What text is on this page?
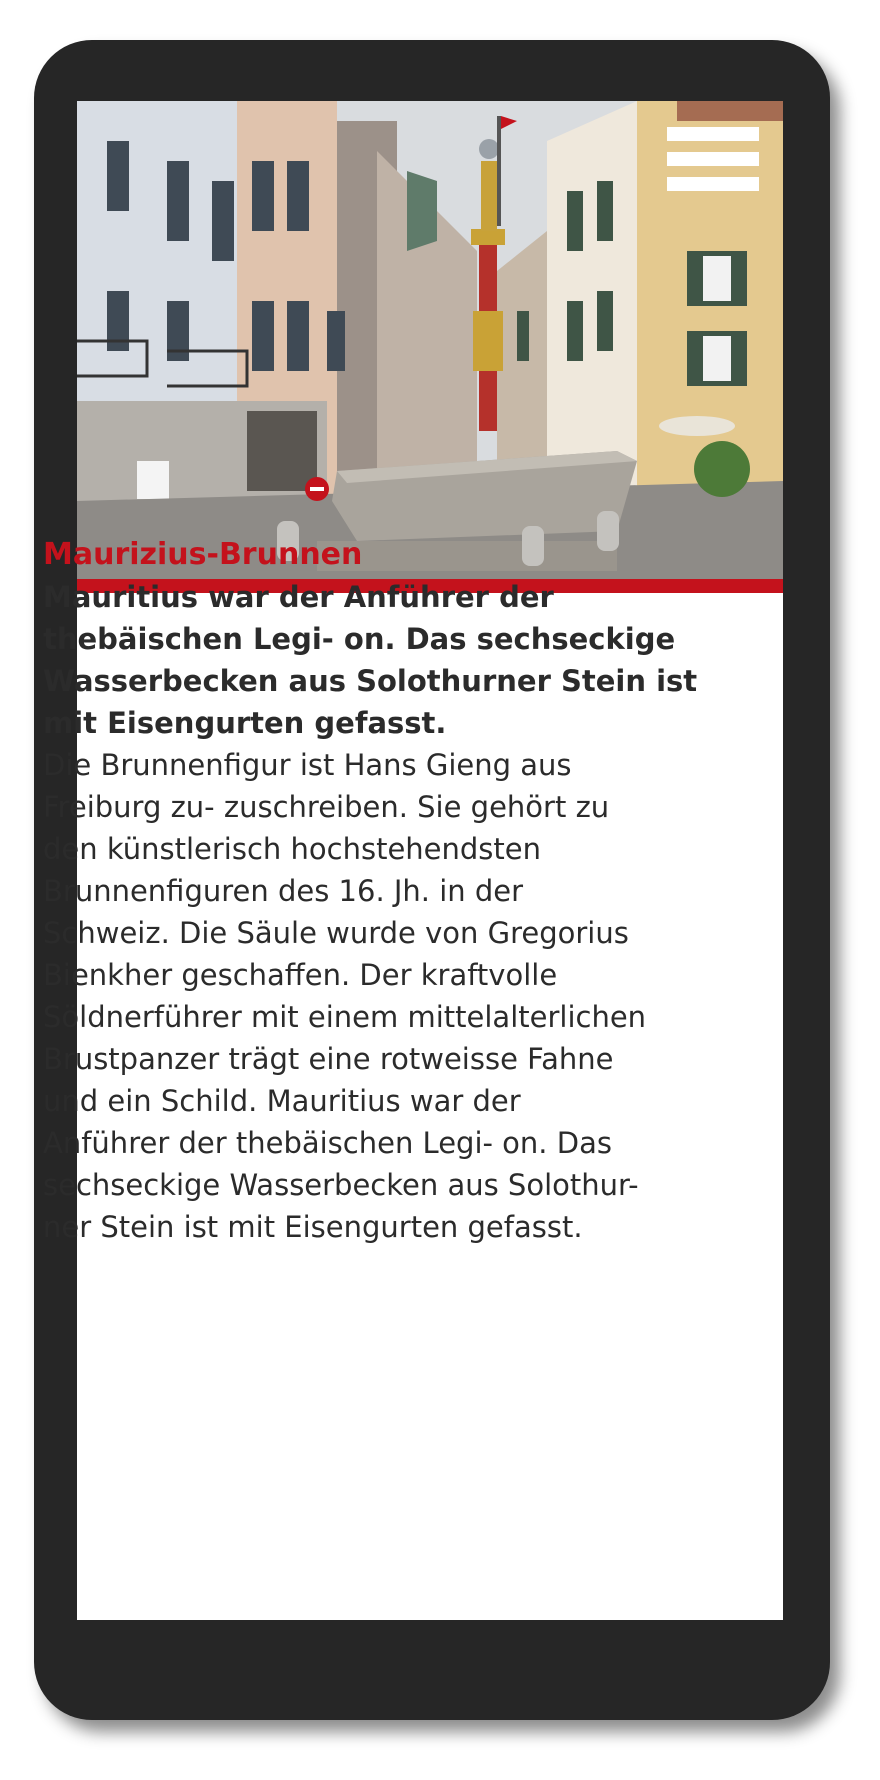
Maurizius-Brunnen

Mauritius war der Anführer der
thebäischen Legi- on. Das sechseckige
Wasserbecken aus Solothurner Stein ist
mit Eisengurten gefasst.

Die Brunnenfigur ist Hans Gieng aus
Freiburg zu- zuschreiben. Sie gehört zu
den künstlerisch hochstehendsten
Brunnenfiguren des 16. Jh. in der
Schweiz. Die Säule wurde von Gregorius
Bienkher geschaffen. Der kraftvolle
Söldnerführer mit einem mittelalterlichen
Brustpanzer trägt eine rotweisse Fahne
und ein Schild. Mauritius war der
Anführer der thebäischen Legi- on. Das
sechseckige Wasserbecken aus Solothur-
ner Stein ist mit Eisengurten gefasst.
